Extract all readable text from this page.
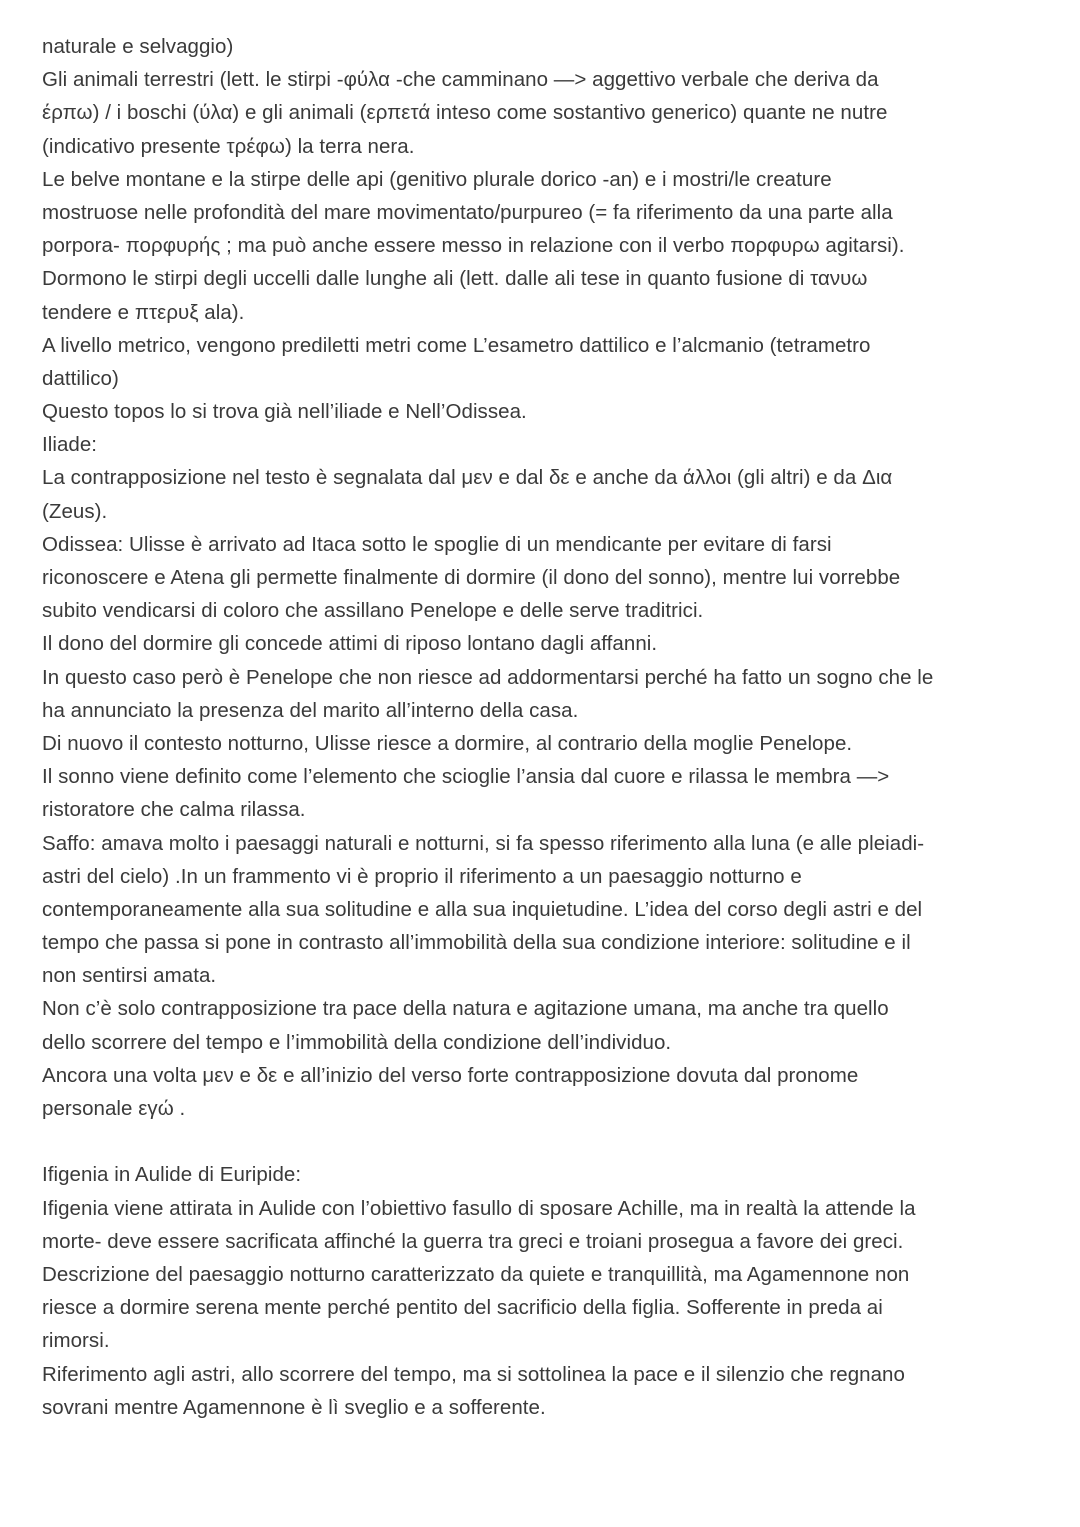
naturale e selvaggio)
Gli animali terrestri (lett. le stirpi -φύλα -che camminano —> aggettivo verbale che deriva da
έρπω) / i boschi (ύλα) e gli animali (ερπετά inteso come sostantivo generico) quante ne nutre
(indicativo presente τρέφω) la terra nera.
Le belve montane e la stirpe delle api (genitivo plurale dorico -an) e i mostri/le creature
mostruose nelle profondità del mare movimentato/purpureo (= fa riferimento da una parte alla
porpora- πορφυρής ; ma può anche essere messo in relazione con il verbo πορφυρω agitarsi).
Dormono le stirpi degli uccelli dalle lunghe ali (lett. dalle ali tese in quanto fusione di τανυω
tendere e πτερυξ ala).
A livello metrico, vengono prediletti metri come L’esametro dattilico e l’alcmanio (tetrametro
dattilico)
Questo topos lo si trova già nell’iliade e Nell’Odissea.
Iliade:
La contrapposizione nel testo è segnalata dal μεν e dal δε e anche da άλλοι (gli altri) e da Δια
(Zeus).
Odissea: Ulisse è arrivato ad Itaca sotto le spoglie di un mendicante per evitare di farsi
riconoscere e Atena gli permette finalmente di dormire (il dono del sonno), mentre lui vorrebbe
subito vendicarsi di coloro che assillano Penelope e delle serve traditrici.
Il dono del dormire gli concede attimi di riposo lontano dagli affanni.
In questo caso però è Penelope che non riesce ad addormentarsi perché ha fatto un sogno che le
ha annunciato la presenza del marito all’interno della casa.
Di nuovo il contesto notturno, Ulisse riesce a dormire, al contrario della moglie Penelope.
Il sonno viene definito come l’elemento che scioglie l’ansia dal cuore e rilassa le membra —>
ristoratore che calma rilassa.
Saffo: amava molto i paesaggi naturali e notturni, si fa spesso riferimento alla luna (e alle pleiadi-
astri del cielo) .In un frammento vi è proprio il riferimento a un paesaggio notturno e
contemporaneamente alla sua solitudine e alla sua inquietudine. L’idea del corso degli astri e del
tempo che passa si pone in contrasto all’immobilità della sua condizione interiore: solitudine e il
non sentirsi amata.
Non c’è solo contrapposizione tra pace della natura e agitazione umana, ma anche tra quello
dello scorrere del tempo e l’immobilità della condizione dell’individuo.
Ancora una volta μεν e δε e all’inizio del verso forte contrapposizione dovuta dal pronome
personale εγώ .
Ifigenia in Aulide di Euripide:
Ifigenia viene attirata in Aulide con l’obiettivo fasullo di sposare Achille, ma in realtà la attende la
morte- deve essere sacrificata affinché la guerra tra greci e troiani prosegua a favore dei greci.
Descrizione del paesaggio notturno caratterizzato da quiete e tranquillità, ma Agamennone non
riesce a dormire serena mente perché pentito del sacrificio della figlia. Sofferente in preda ai
rimorsi.
Riferimento agli astri, allo scorrere del tempo, ma si sottolinea la pace e il silenzio che regnano
sovrani mentre Agamennone è lì sveglio e a sofferente.
